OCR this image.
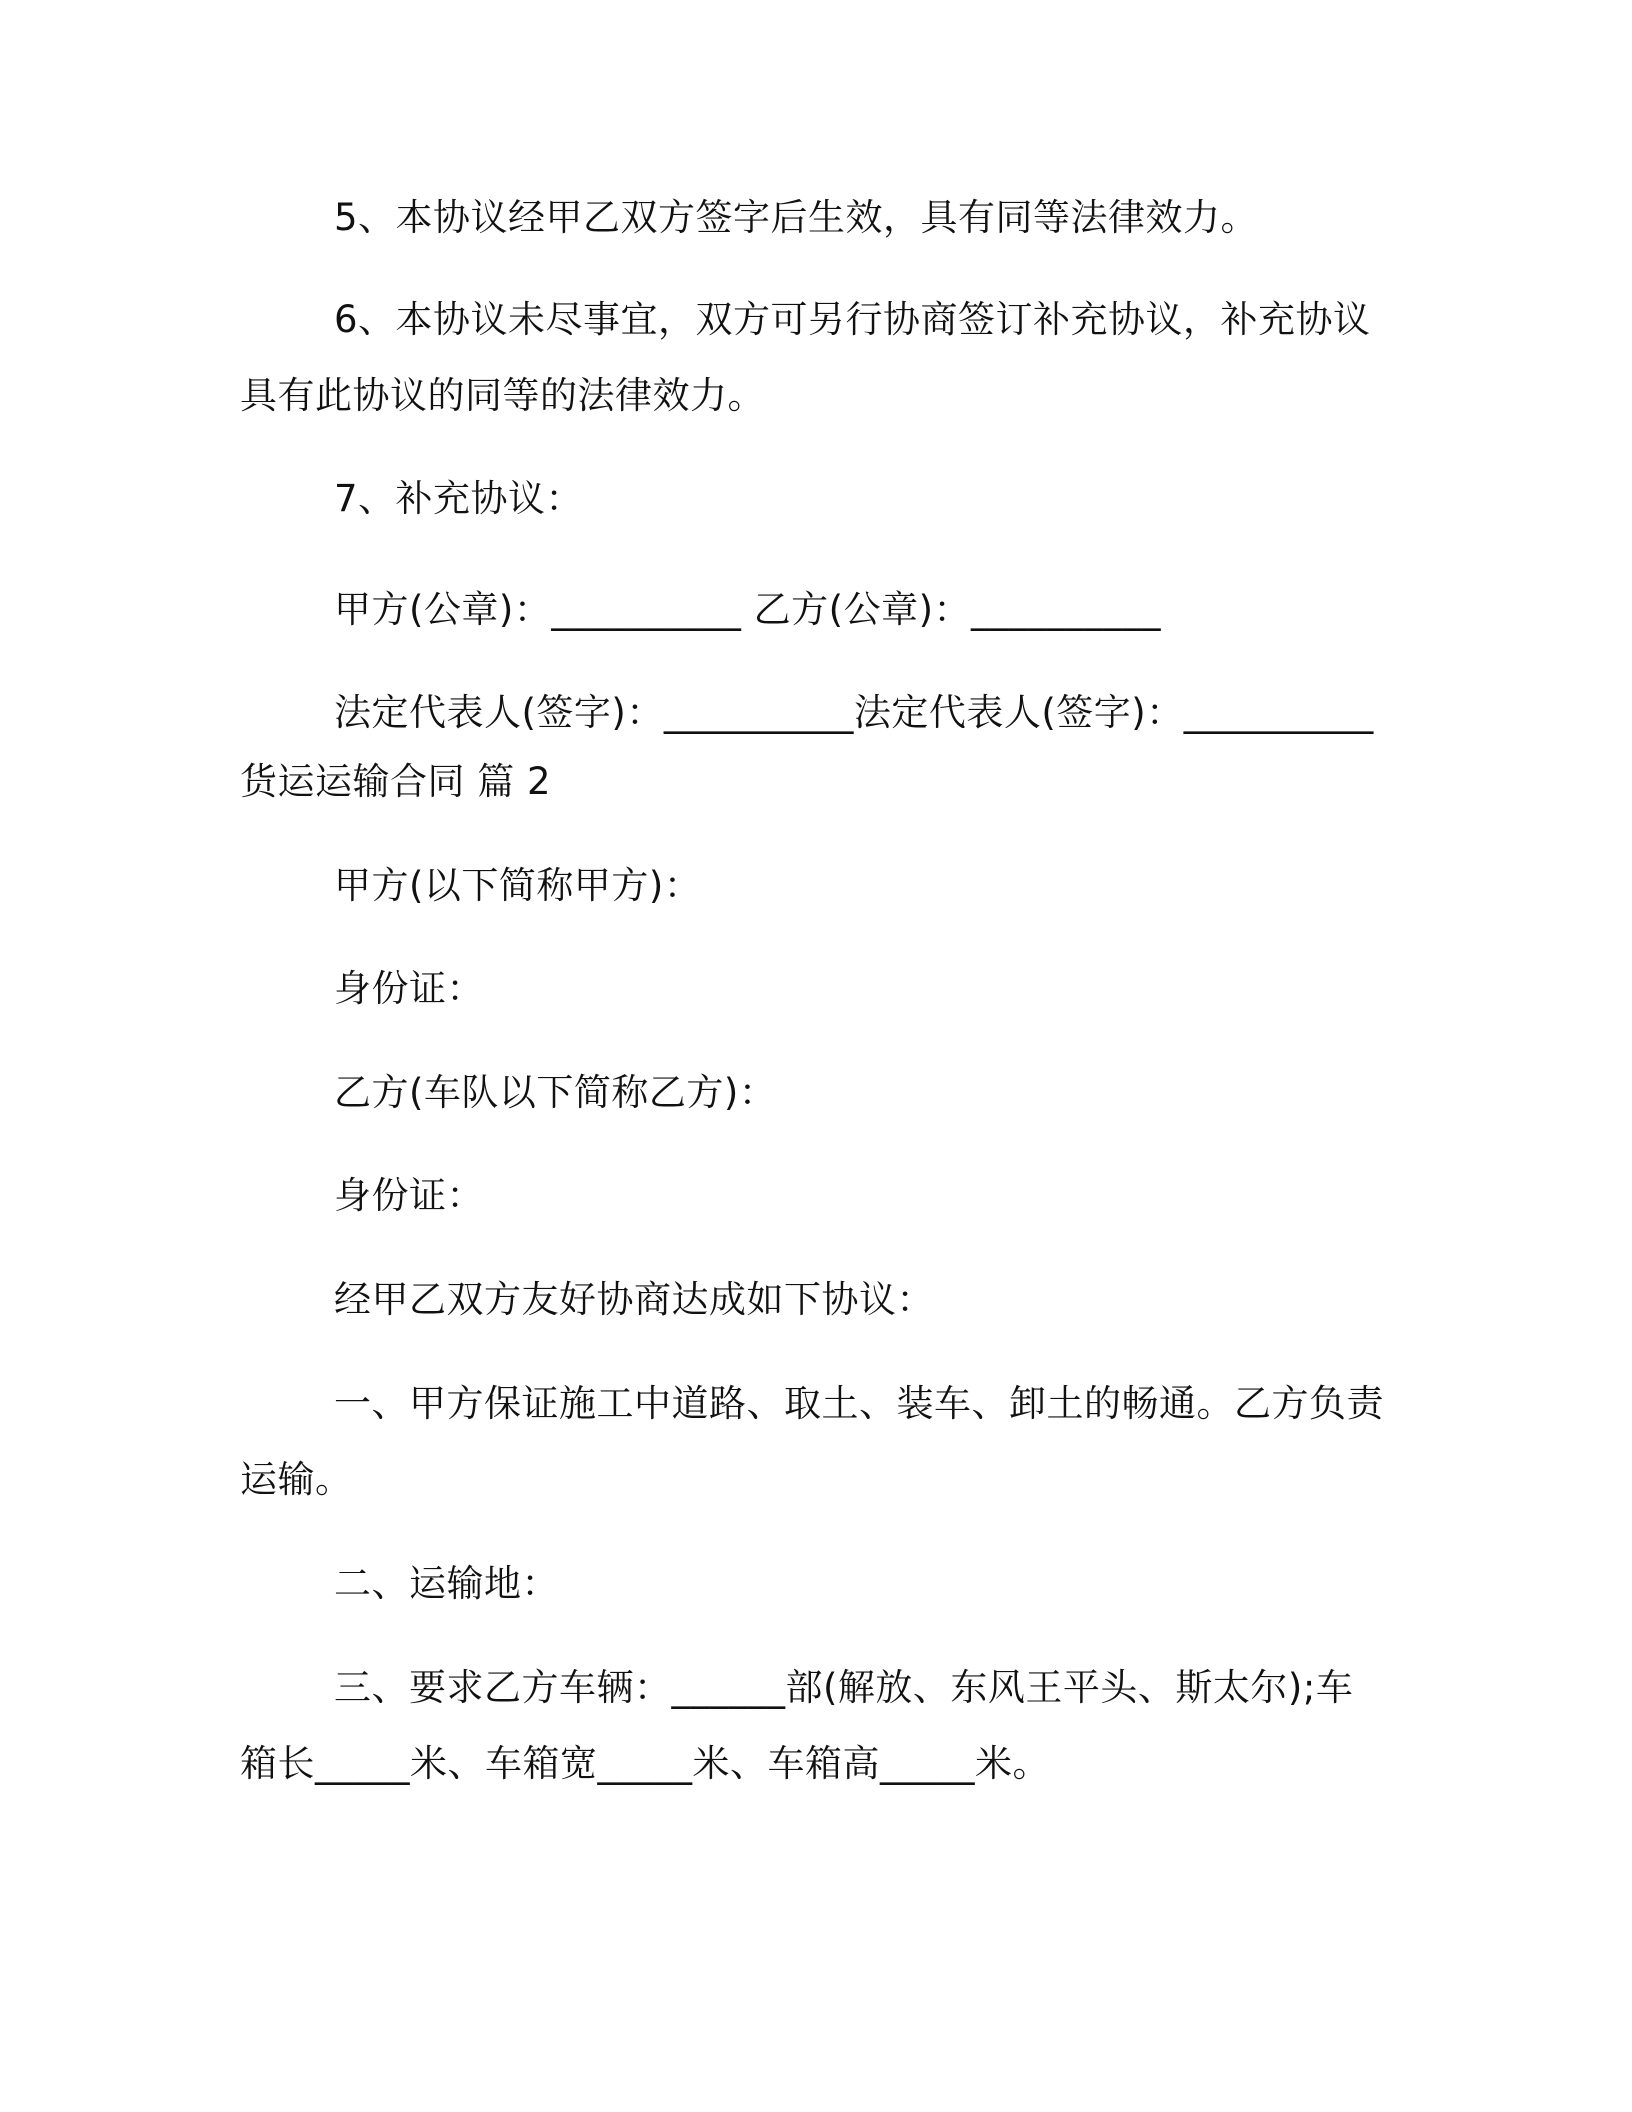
5、本协议经甲乙双方签字后生效，具有同等法律效力。
6、本协议未尽事宜，双方可另行协商签订补充协议，补充协议
具有此协议的同等的法律效力。
7、补充协议：
甲方(公章)：__________ 乙方(公章)：__________
法定代表人(签字)：__________法定代表人(签字)：__________
货运运输合同 篇 2
甲方(以下简称甲方)：
身份证：
乙方(车队以下简称乙方)：
身份证：
经甲乙双方友好协商达成如下协议：
一、甲方保证施工中道路、取土、装车、卸土的畅通。乙方负责
运输。
二、运输地：
三、要求乙方车辆：______部(解放、东风王平头、斯太尔);车
箱长_____米、车箱宽_____米、车箱高_____米。
